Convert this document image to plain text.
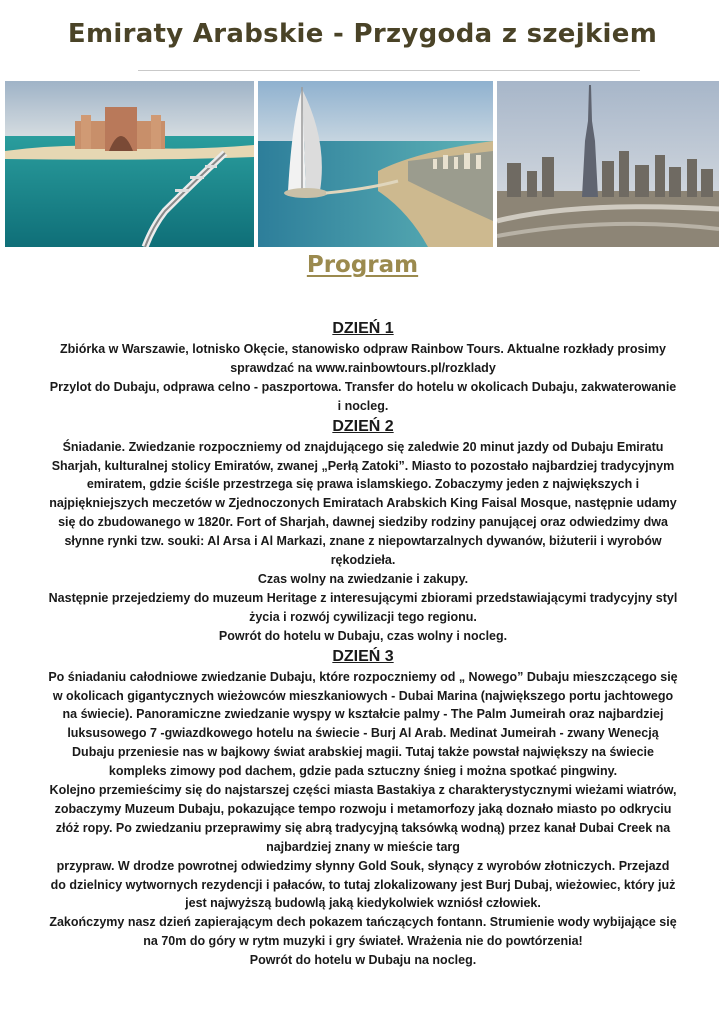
Emiraty Arabskie - Przygoda z szejkiem
Program
DZIEŃ 1

Zbiórka w Warszawie, lotnisko Okęcie, stanowisko odpraw Rainbow Tours. Aktualne rozkłady prosimy sprawdzać na www.rainbowtours.pl/rozklady

Przylot do Dubaju, odprawa celno - paszportowa. Transfer do hotelu w okolicach Dubaju, zakwaterowanie i nocleg.

DZIEŃ 2

Śniadanie. Zwiedzanie rozpoczniemy od znajdującego się zaledwie 20 minut jazdy od Dubaju Emiratu Sharjah, kulturalnej stolicy Emiratów, zwanej „Perłą Zatoki”. Miasto to pozostało najbardziej tradycyjnym emiratem, gdzie ściśle przestrzega się prawa islamskiego. Zobaczymy jeden z największych i najpiękniejszych meczetów w Zjednoczonych Emiratach Arabskich King Faisal Mosque, następnie udamy się do zbudowanego w 1820r. Fort of Sharjah, dawnej siedziby rodziny panującej oraz odwiedzimy dwa słynne rynki tzw. souki: Al Arsa i Al Markazi, znane z niepowtarzalnych dywanów, biżuterii i wyrobów rękodzieła.

Czas wolny na zwiedzanie i zakupy.

Następnie przejedziemy do muzeum Heritage z interesującymi zbiorami przedstawiającymi tradycyjny styl życia i rozwój cywilizacji tego regionu.

Powrót do hotelu w Dubaju, czas wolny i nocleg.

DZIEŃ 3

Po śniadaniu całodniowe zwiedzanie Dubaju, które rozpoczniemy od „ Nowego” Dubaju mieszczącego się w okolicach gigantycznych wieżowców mieszkaniowych - Dubai Marina (największego portu jachtowego na świecie). Panoramiczne zwiedzanie wyspy w kształcie palmy - The Palm Jumeirah oraz najbardziej luksusowego 7 -gwiazdkowego hotelu na świecie - Burj Al Arab. Medinat Jumeirah - zwany Wenecją Dubaju przeniesie nas w bajkowy świat arabskiej magii. Tutaj także powstał największy na świecie kompleks zimowy pod dachem, gdzie pada sztuczny śnieg i można spotkać pingwiny.

Kolejno przemieścimy się do najstarszej części miasta Bastakiya z charakterystycznymi wieżami wiatrów, zobaczymy Muzeum Dubaju, pokazujące tempo rozwoju i metamorfozy jaką doznało miasto po odkryciu złóż ropy. Po zwiedzaniu przeprawimy się abrą tradycyjną taksówką wodną) przez kanał Dubai Creek na najbardziej znany w mieście targ

przypraw. W drodze powrotnej odwiedzimy słynny Gold Souk, słynący z wyrobów złotniczych. Przejazd do dzielnicy wytwornych rezydencji i pałaców, to tutaj zlokalizowany jest Burj Dubaj, wieżowiec, który już jest najwyższą budowlą jaką kiedykolwiek wzniósł człowiek.

Zakończymy nasz dzień zapierającym dech pokazem tańczących fontann. Strumienie wody wybijające się na 70m do góry w rytm muzyki i gry świateł. Wrażenia nie do powtórzenia!

Powrót do hotelu w Dubaju na nocleg.
